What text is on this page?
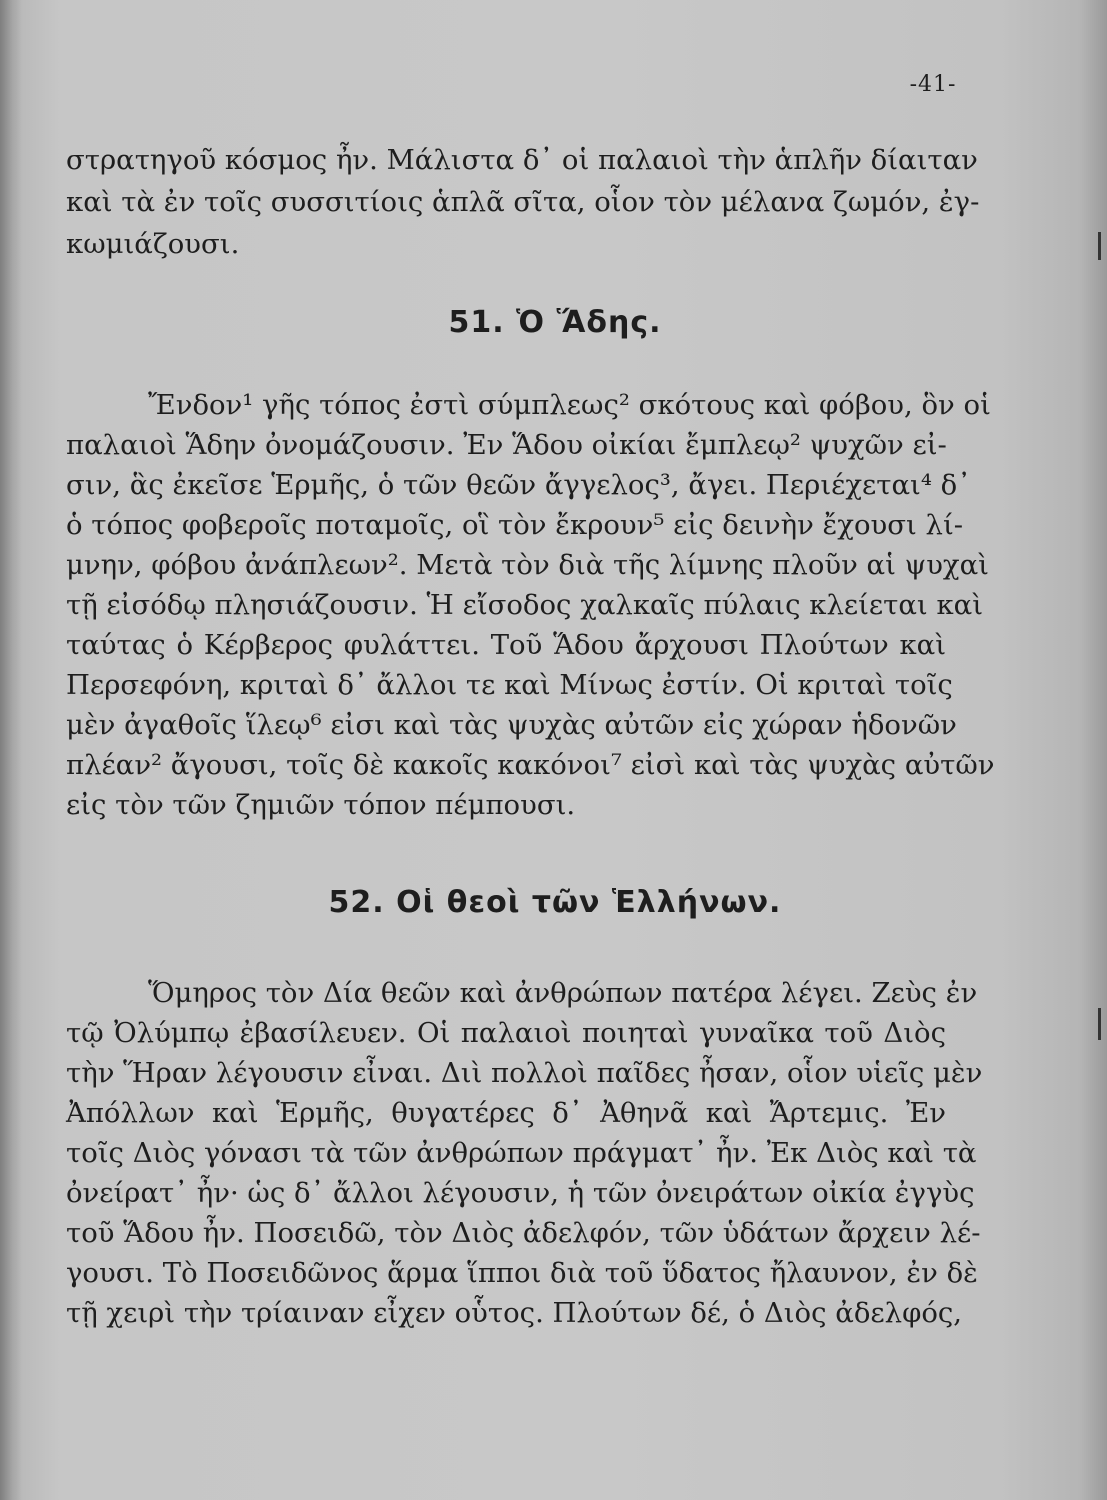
-41-
στρατηγοῦ κόσμος ἦν. Μάλιστα δ᾽ οἱ παλαιοὶ τὴν ἁπλῆν δίαιταν
καὶ τὰ ἐν τοῖς συσσιτίοις ἁπλᾶ σῖτα, οἷον τὸν μέλανα ζωμόν, ἐγ-
κωμιάζουσι.
51. Ὁ Ἅδης.
Ἔνδον¹ γῆς τόπος ἐστὶ σύμπλεως² σκότους καὶ φόβου, ὃν οἱ
παλαιοὶ Ἅδην ὀνομάζουσιν. Ἐν Ἅδου οἰκίαι ἔμπλεῳ² ψυχῶν εἰ-
σιν, ἃς ἐκεῖσε Ἑρμῆς, ὁ τῶν θεῶν ἄγγελος³, ἄγει. Περιέχεται⁴ δ᾽
ὁ τόπος φοβεροῖς ποταμοῖς, οἳ τὸν ἔκρουν⁵ εἰς δεινὴν ἔχουσι λί-
μνην, φόβου ἀνάπλεων². Μετὰ τὸν διὰ τῆς λίμνης πλοῦν αἱ ψυχαὶ
τῇ εἰσόδῳ πλησιάζουσιν. Ἡ εἴσοδος χαλκαῖς πύλαις κλείεται καὶ
ταύτας ὁ Κέρβερος φυλάττει. Τοῦ Ἅδου ἄρχουσι Πλούτων καὶ
Περσεφόνη, κριταὶ δ᾽ ἄλλοι τε καὶ Μίνως ἐστίν. Οἱ κριταὶ τοῖς
μὲν ἀγαθοῖς ἵλεῳ⁶ εἰσι καὶ τὰς ψυχὰς αὐτῶν εἰς χώραν ἡδονῶν
πλέαν² ἄγουσι, τοῖς δὲ κακοῖς κακόνοι⁷ εἰσὶ καὶ τὰς ψυχὰς αὐτῶν
εἰς τὸν τῶν ζημιῶν τόπον πέμπουσι.
52. Οἱ θεοὶ τῶν Ἑλλήνων.
Ὅμηρος τὸν Δία θεῶν καὶ ἀνθρώπων πατέρα λέγει. Ζεὺς ἐν
τῷ Ὀλύμπῳ ἐβασίλευεν. Οἱ παλαιοὶ ποιηταὶ γυναῖκα τοῦ Διὸς
τὴν Ἥραν λέγουσιν εἶναι. Διὶ πολλοὶ παῖδες ἦσαν, οἷον υἱεῖς μὲν
Ἀπόλλων καὶ Ἑρμῆς, θυγατέρες δ᾽ Ἀθηνᾶ καὶ Ἄρτεμις. Ἐν
τοῖς Διὸς γόνασι τὰ τῶν ἀνθρώπων πράγματ᾽ ἦν. Ἐκ Διὸς καὶ τὰ
ὀνείρατ᾽ ἦν· ὡς δ᾽ ἄλλοι λέγουσιν, ἡ τῶν ὀνειράτων οἰκία ἐγγὺς
τοῦ Ἅδου ἦν. Ποσειδῶ, τὸν Διὸς ἀδελφόν, τῶν ὑδάτων ἄρχειν λέ-
γουσι. Τὸ Ποσειδῶνος ἅρμα ἵπποι διὰ τοῦ ὕδατος ἤλαυνον, ἐν δὲ
τῇ χειρὶ τὴν τρίαιναν εἶχεν οὗτος. Πλούτων δέ, ὁ Διὸς ἀδελφός,
